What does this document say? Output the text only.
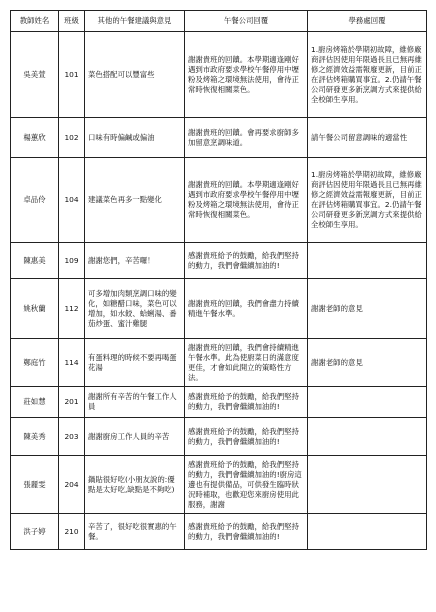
教師姓名	班級	其他的午餐建議與意見	午餐公司回覆	學務處回覆
吳美萱	101	菜色搭配可以豐富些	謝謝貴班的回饋。本學期適逢剛好遇到市政府要求學校午餐停用中壢粉及烤箱之環境無法使用，會待正常時恢復相關菜色。	1.廚房烤箱於學期初故障，維修廠商評估因使用年限過長且已無再維修之經濟效益需報廢更新，目前正在評估烤箱購買事宜。2.仍請午餐公司研發更多新烹調方式來提供給全校師生享用。
楊蕙欣	102	口味有時偏鹹或偏油	謝謝貴班的回饋。會再要求廚師多加留意烹調味道。	請午餐公司留意調味的適當性
卓品伶	104	建議菜色再多一點變化	謝謝貴班的回饋。本學期適逢剛好遇到市政府要求學校午餐停用中壢粉及烤箱之環境無法使用，會待正常時恢復相關菜色。	1.廚房烤箱於學期初故障，維修廠商評估因使用年限過長且已無再維修之經濟效益需報廢更新，目前正在評估烤箱購買事宜。2.仍請午餐公司研發更多新烹調方式來提供給全校師生享用。
陳惠美	109	謝謝您們，辛苦囉！	感謝貴班給予的鼓勵，給我們堅持的動力，我們會繼續加油的!	
姚秋蘭	112	可多增加肉類烹調口味的變化，如糖醋口味，菜色可以增加，如水餃、蛤蜊湯、番茄炒蛋、蜜汁雞腿	謝謝貴班的回饋，我們會盡力持續精進午餐水準。	謝謝老師的意見
鄭庭竹	114	有蛋料理的時候不要再喝蛋花湯	謝謝貴班的回饋，我們會持續精進午餐水準。此為使廚菜日的滿意度更佳，才會如此開立的策略性方法。	謝謝老師的意見
莊如慧	201	謝謝所有辛苦的午餐工作人員	感謝貴班給予的鼓勵，給我們堅持的動力，我們會繼續加油的!	
陳美秀	203	謝謝廚房工作人員的辛苦	感謝貴班給予的鼓勵，給我們堅持的動力，我們會繼續加油的!	
張麗雯	204	鍋貼很好吃(小朋友說的:優點是太好吃,缺點是不夠吃)	感謝貴班給予的鼓勵，給我們堅持的動力，我們會繼續加油的!廚房這邊也有提供備品，可供發生臨時狀況時補取，也歡迎您來廚房使用此服務，謝謝	
洪子婷	210	辛苦了，很好吃很實惠的午餐。	感謝貴班給予的鼓勵，給我們堅持的動力，我們會繼續加油的!	
